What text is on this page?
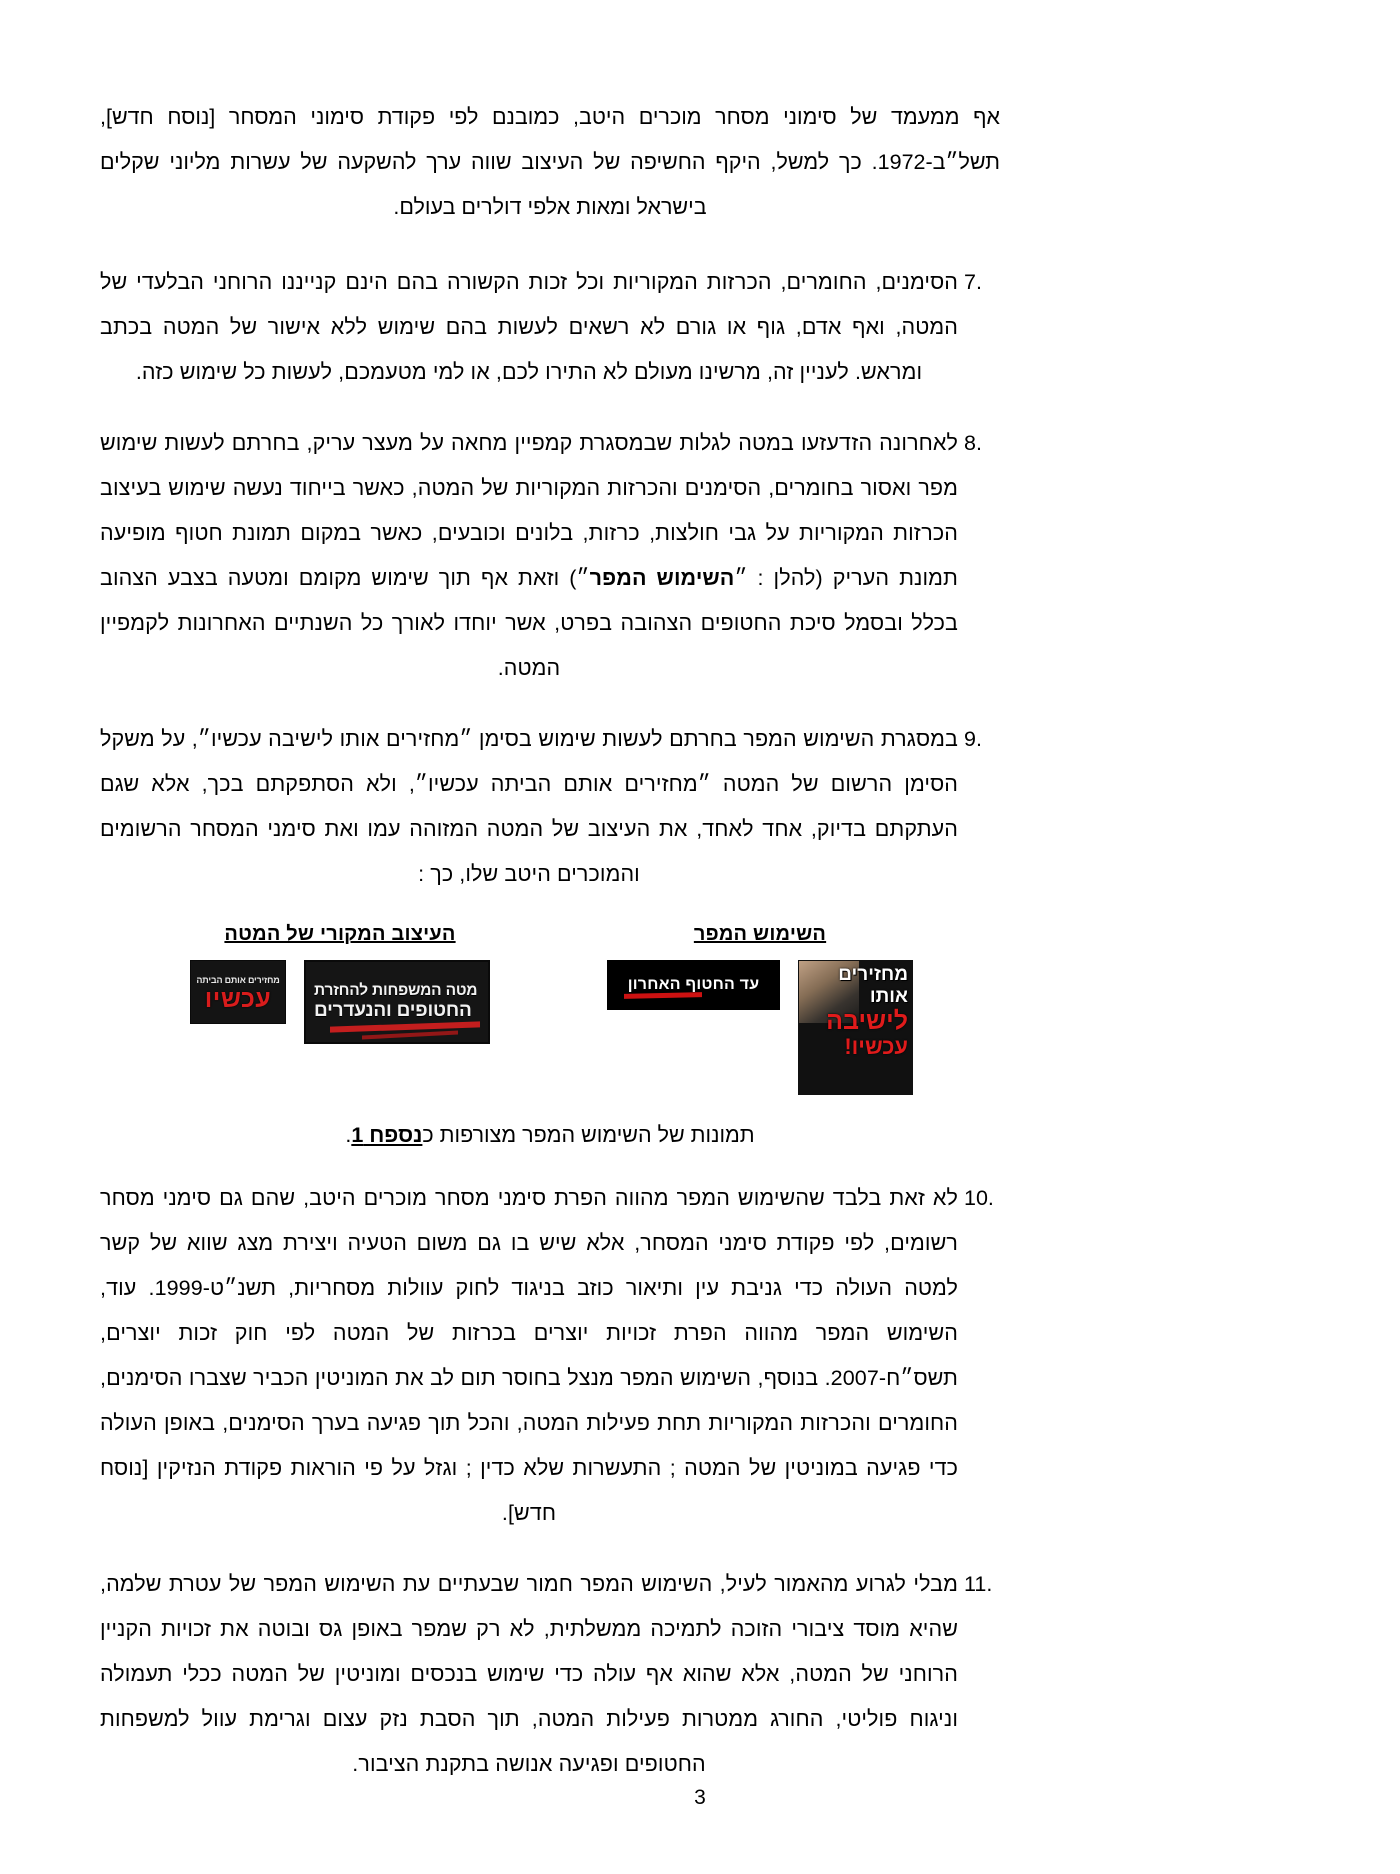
אף ממעמד של סימוני מסחר מוכרים היטב, כמובנם לפי פקודת סימוני המסחר [נוסח חדש], תשל״ב-1972. כך למשל, היקף החשיפה של העיצוב שווה ערך להשקעה של עשרות מליוני שקלים בישראל ומאות אלפי דולרים בעולם.
7.
הסימנים, החומרים, הכרזות המקוריות וכל זכות הקשורה בהם הינם קנייננו הרוחני הבלעדי של המטה, ואף אדם, גוף או גורם לא רשאים לעשות בהם שימוש ללא אישור של המטה בכתב ומראש. לעניין זה, מרשינו מעולם לא התירו לכם, או למי מטעמכם, לעשות כל שימוש כזה.
8.
לאחרונה הזדעזעו במטה לגלות שבמסגרת קמפיין מחאה על מעצר עריק, בחרתם לעשות שימוש מפר ואסור בחומרים, הסימנים והכרזות המקוריות של המטה, כאשר בייחוד נעשה שימוש בעיצוב הכרזות המקוריות על גבי חולצות, כרזות, בלונים וכובעים, כאשר במקום תמונת חטוף מופיעה תמונת העריק (להלן : ״השימוש המפר״) וזאת אף תוך שימוש מקומם ומטעה בצבע הצהוב בכלל ובסמל סיכת החטופים הצהובה בפרט, אשר יוחדו לאורך כל השנתיים האחרונות לקמפיין המטה.
9.
במסגרת השימוש המפר בחרתם לעשות שימוש בסימן ״מחזירים אותו לישיבה עכשיו״, על משקל הסימן הרשום של המטה ״מחזירים אותם הביתה עכשיו״, ולא הסתפקתם בכך, אלא שגם העתקתם בדיוק, אחד לאחד, את העיצוב של המטה המזוהה עמו ואת סימני המסחר הרשומים והמוכרים היטב שלו, כך :
השימוש המפר
מחזירים
אותו
לישיבה
עכשיו!
עד החטוף האחרון
העיצוב המקורי של המטה
מטה המשפחות להחזרת
החטופים והנעדרים
מחזירים אותם הביתה
עכשיו
תמונות של השימוש המפר מצורפות כנספח 1.
10.
לא זאת בלבד שהשימוש המפר מהווה הפרת סימני מסחר מוכרים היטב, שהם גם סימני מסחר רשומים, לפי פקודת סימני המסחר, אלא שיש בו גם משום הטעיה ויצירת מצג שווא של קשר למטה העולה כדי גניבת עין ותיאור כוזב בניגוד לחוק עוולות מסחריות, תשנ״ט-1999. עוד, השימוש המפר מהווה הפרת זכויות יוצרים בכרזות של המטה לפי חוק זכות יוצרים, תשס״ח-2007. בנוסף, השימוש המפר מנצל בחוסר תום לב את המוניטין הכביר שצברו הסימנים, החומרים והכרזות המקוריות תחת פעילות המטה, והכל תוך פגיעה בערך הסימנים, באופן העולה כדי פגיעה במוניטין של המטה ; התעשרות שלא כדין ; וגזל על פי הוראות פקודת הנזיקין [נוסח חדש].
11.
מבלי לגרוע מהאמור לעיל, השימוש המפר חמור שבעתיים עת השימוש המפר של עטרת שלמה, שהיא מוסד ציבורי הזוכה לתמיכה ממשלתית, לא רק שמפר באופן גס ובוטה את זכויות הקניין הרוחני של המטה, אלא שהוא אף עולה כדי שימוש בנכסים ומוניטין של המטה ככלי תעמולה וניגוח פוליטי, החורג ממטרות פעילות המטה, תוך הסבת נזק עצום וגרימת עוול למשפחות החטופים ופגיעה אנושה בתקנת הציבור.
3
